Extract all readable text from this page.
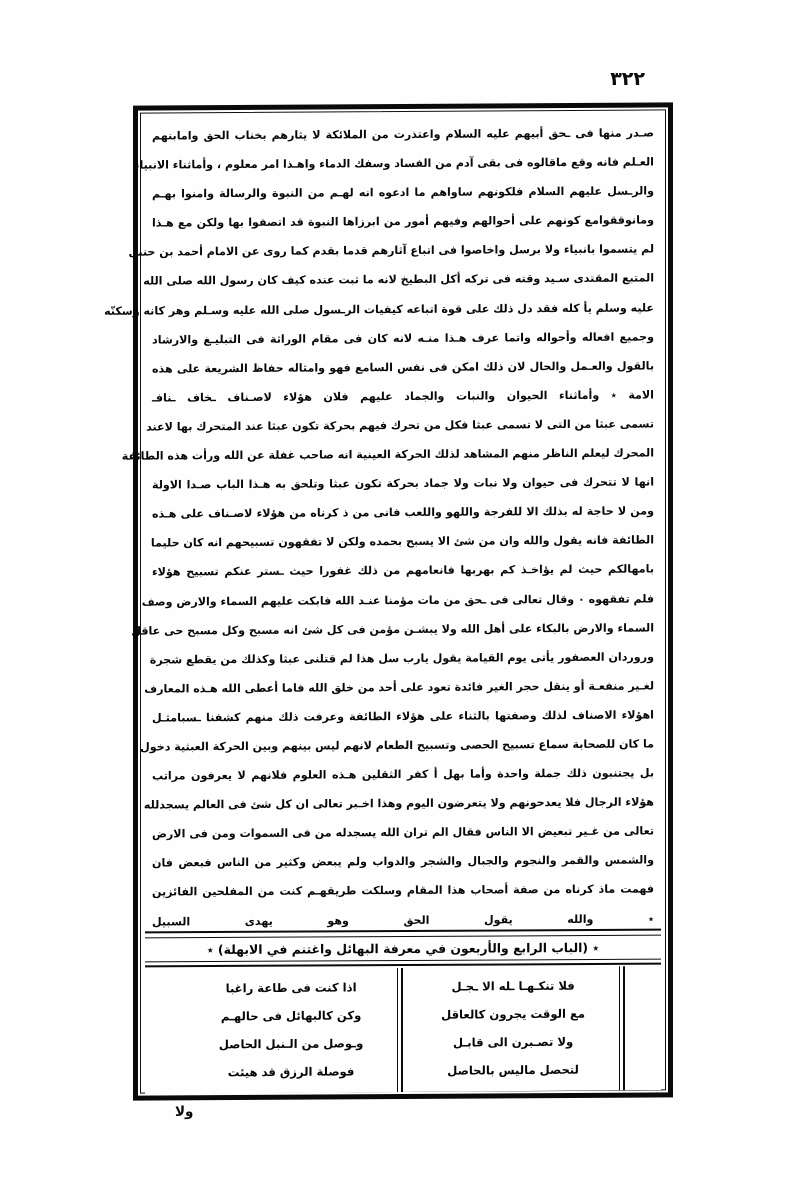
٣٢٢
صـدر منها فى ـحق أبيهم عليه السلام واعتذرت من الملائكة لا يثارهم بخناب الحق وامابنهم
العـلم فانه وقع ماقالوه فى بقى آدم من الفساد وسفك الدماء واهـذا امر معلوم ، وأماثناء الانبياء
والرـسل عليهم السلام فلكونهم ساواهم ما ادعوه انه لهـم من النبوة والرسالة وامنوا بهـم
ومانوققوامع كونهم على أحوالهم وفيهم أمور من ابرزاها النبوة قد اتصفوا بها ولكن مع هـذا
لم يتسموا بانبياء ولا برسل واخاصوا فى اتباع آثارهم قدما بقدم كما روى عن الامام أحمد بن حنبل
المتبع المقتدى سـيد وقته فى تركه أكل البطيخ لانه ما ثبت عنده كيف كان رسول الله صلى الله
عليه وسلم يأ كله فقد دل ذلك على قوة اتباعه كيفيات الرـسول صلى الله عليه وسـلم وهر كانه وسكنّه
وجميع افعاله وأحواله واتما عرف هـذا منـه لانه كان فى مقام الوراثة فى التبليـغ والارشاد
بالقول والعـمل والحال لان ذلك امكن فى نفس السامع فهو وامثاله حفاظ الشريعة على هذه
الامة ٭ وأماثناء الحيوان والنبات والجماد عليهم فلان هؤلاء لاصـناف ـخاف ـنافـ
تسمى عبثا من التى لا تسمى عبثا فكل من تحرك فيهم بحركة تكون عبثا عند المتحرك بها لاعند
المحرك ليعلم الناظر منهم المشاهد لذلك الحركة العينية انه صاحب غفلة عن الله ورأت هذه الطائفة
انها لا تتحرك فى حيوان ولا نبات ولا جماد بحركة تكون عبثا وتلحق به هـذا الباب صـدا الاولة
ومن لا حاجة له بذلك الا للفرجة واللهو واللعب فانى من ذ كرناه من هؤلاء لاصـناف على هـذه
الطائفة فانه يقول والله وان من شئ الا يسبح بحمده ولكن لا تفقهون تسبيحهم انه كان حليما
بامهالكم حيث لم يؤاخـذ كم بهربها فانعامهم من ذلك غفورا حيث ـستر عنكم تسبيح هؤلاء
فلم تفقهوه ٠ وقال تعالى فى ـحق من مات مؤمنا عنـد الله فابكت عليهم السماء والارض وصف
السماء والارض بالبكاء على أهل الله ولا يبشـن مؤمن فى كل شئ انه مسبح وكل مسبح حى عاقل
وروردان العصفور يأتى يوم القيامة يقول يارب سل هذا لم قتلنى عبثا وكذلك من يقطع شجرة
لغـير منفعـة أو ينقل حجر الغير فائدة تعود على أحد من خلق الله فاما أعطى الله هـذه المعارف
اهؤلاء الاصناف لذلك وصفتها بالثناء على هؤلاء الطائفة وعرفت ذلك منهم كشفنا ـسبامثـل
ما كان للصحابة سماع تسبيح الحصى وتسبيح الطعام لانهم ليس بينهم وبين الحركة العبثية دخول
بل يجتنبون ذلك جملة واحدة وأما بهل أ كفر الثقلين هـذه العلوم فلانهم لا يعرفون مراتب
هؤلاء الرجال فلا يعدحونهم ولا يتعرضون اليوم وهذا اخـبر تعالى ان كل شئ فى العالم يسجدلله
تعالى من غـير تبعيض الا الناس فقال الم تران الله يسجدله من فى السموات ومن فى الارض
والشمس والقمر والنجوم والجبال والشجر والدواب ولم يبعض وكثير من الناس فبعض فان
فهمت ماذ كرناه من صفة أصحاب هذا المقام وسلكت طريقهـم كنت من المفلحين الفائزين
٭ والله يقول الحق وهو يهدى السبيل
٭ (الباب الرابع والأربعون في معرفة البهائل واغتنم في الابهلة) ٭
فلا تنكـهـا ـله الا ـجـل
مع الوقت يجرون كالعاقل
ولا تصـبرن الى قابـل
لتحصل ماليس بالحاصل
اذا كنت فى طاعة راغبا
وكن كالبهائل فى حالهـم
وـوصل من الـنبل الحاصل
فوصلة الرزق قد هيئت
ولا
